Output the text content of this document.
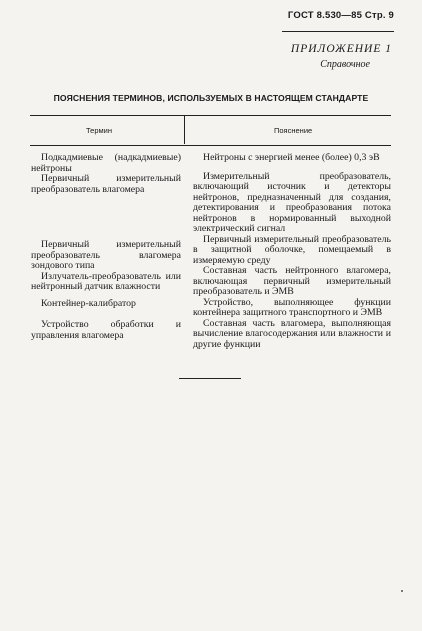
ГОСТ 8.530—85 Стр. 9
ПРИЛОЖЕНИЕ 1
Справочное
ПОЯСНЕНИЯ ТЕРМИНОВ, ИСПОЛЬЗУЕМЫХ В НАСТОЯЩЕМ СТАНДАРТЕ
Термин	Пояснение

Подкадмиевые (надкадмиевые) нейтроны

Первичный измерительный преобразователь влагомера

Первичный измерительный преобразователь влагомера зондового типа

Излучатель-преобразователь или нейтронный датчик влажности

Контейнер-калибратор

Устройство обработки и управления влагомера

Нейтроны с энергией менее (более) 0,3 эВ

Измерительный преобразователь, включающий источник и детекторы нейтронов, предназначенный для создания, детектирования и преобразования потока нейтронов в нормированный выходной электрический сигнал

Первичный измерительный преобразователь в защитной оболочке, помещаемый в измеряемую среду

Составная часть нейтронного влагомера, включающая первичный измерительный преобразователь и ЭМВ

Устройство, выполняющее функции контейнера защитного транспортного и ЭМВ

Составная часть влагомера, выполняющая вычисление влагосодержания или влажности и другие функции
